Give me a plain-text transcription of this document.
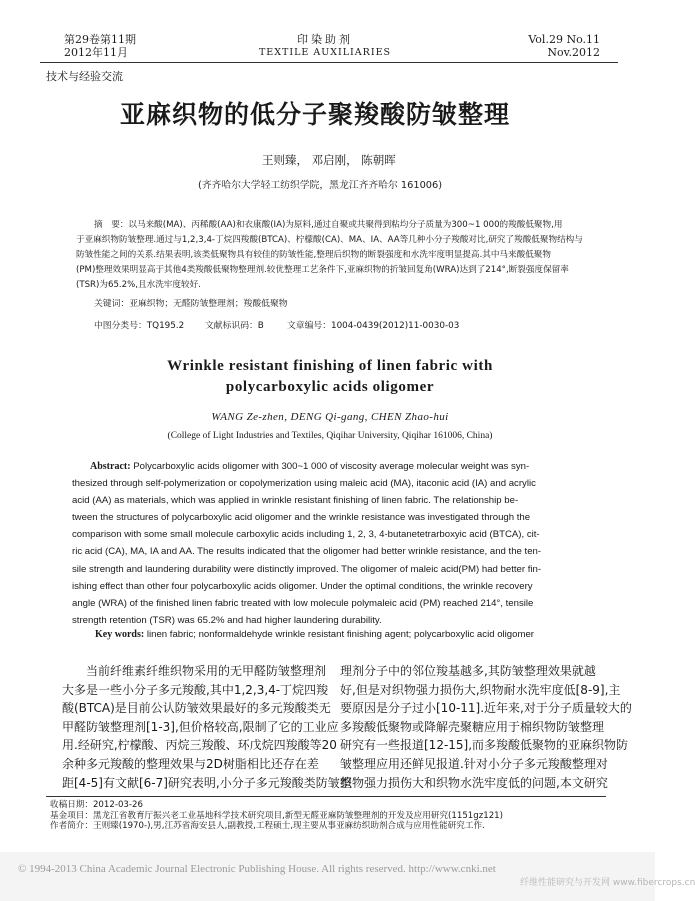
第29卷第11期
2012年11月
印染助剂
TEXTILE AUXILIARIES
Vol.29 No.11
Nov.2012
技术与经验交流
亚麻织物的低分子聚羧酸防皱整理
王则臻， 邓启刚， 陈朝晖
(齐齐哈尔大学轻工纺织学院，黑龙江齐齐哈尔 161006)
摘　要：以马来酸(MA)、丙稀酸(AA)和衣康酸(IA)为原料,通过自聚或共聚得到粘均分子质量为300~1 000的羧酸低聚物,用
于亚麻织物防皱整理.通过与1,2,3,4-丁烷四羧酸(BTCA)、柠檬酸(CA)、MA、IA、AA等几种小分子羧酸对比,研究了羧酸低聚物结构与
防皱性能之间的关系.结果表明,该类低聚物具有较佳的防皱性能,整理后织物的断裂强度和水洗牢度明显提高.其中马来酸低聚物
(PM)整理效果明显高于其他4类羧酸低聚物整理剂.较优整理工艺条件下,亚麻织物的折皱回复角(WRA)达到了214°,断裂强度保留率
(TSR)为65.2%,且水洗牢度较好.
关键词：亚麻织物；无醛防皱整理剂；羧酸低聚物
中图分类号：TQ195.2 文献标识码：B	文章编号：1004-0439(2012)11-0030-03
Wrinkle resistant finishing of linen fabric with
polycarboxylic acids oligomer
WANG Ze-zhen, DENG Qi-gang, CHEN Zhao-hui
(College of Light Industries and Textiles, Qiqihar University, Qiqihar 161006, China)
Abstract: Polycarboxylic acids oligomer with 300~1 000 of viscosity average molecular weight was syn-
thesized through self-polymerization or copolymerization using maleic acid (MA), itaconic acid (IA) and acrylic
acid (AA) as materials, which was applied in wrinkle resistant finishing of linen fabric. The relationship be-
tween the structures of polycarboxylic acid oligomer and the wrinkle resistance was investigated through the
comparison with some small molecule carboxylic acids including 1, 2, 3, 4-butanetetrarboxyic acid (BTCA), cit-
ric acid (CA), MA, IA and AA. The results indicated that the oligomer had better wrinkle resistance, and the ten-
sile strength and laundering durability were distinctly improved. The oligomer of maleic acid(PM) had better fin-
ishing effect than other four polycarboxylic acids oligomer. Under the optimal conditions, the wrinkle recovery
angle (WRA) of the finished linen fabric treated with low molecule polymaleic acid (PM) reached 214°, tensile
strength retention (TSR) was 65.2% and had higher laundering durability.
Key words: linen fabric; nonformaldehyde wrinkle resistant finishing agent; polycarboxylic acid oligomer
当前纤维素纤维织物采用的无甲醛防皱整理剂
大多是一些小分子多元羧酸,其中1,2,3,4-丁烷四羧
酸(BTCA)是目前公认防皱效果最好的多元羧酸类无
甲醛防皱整理剂[1-3],但价格较高,限制了它的工业应
用.经研究,柠檬酸、丙烷三羧酸、环戊烷四羧酸等20
余种多元羧酸的整理效果与2D树脂相比还存在差
距[4-5]有文献[6-7]研究表明,小分子多元羧酸类防皱整
理剂分子中的邻位羧基越多,其防皱整理效果就越
好,但是对织物强力损伤大,织物耐水洗牢度低[8-9],主
要原因是分子过小[10-11].近年来,对于分子质量较大的
多羧酸低聚物或降解壳聚糖应用于棉织物防皱整理
研究有一些报道[12-15],而多羧酸低聚物的亚麻织物防
皱整理应用还鲜见报道.针对小分子多元羧酸整理对
织物强力损伤大和织物水洗牢度低的问题,本文研究
收稿日期：2012-03-26
基金项目：黑龙江省教育厅振兴老工业基地科学技术研究项目,新型无醛亚麻防皱整理剂的开发及应用研究(1151gz121)
作者简介：王则臻(1970-),男,江苏省海安县人,副教授,工程硕士,现主要从事亚麻纺织助剂合成与应用性能研究工作.
© 1994-2013 China Academic Journal Electronic Publishing House. All rights reserved. http://www.cnki.net
纤维性能研究与开发网 www.fibercrops.cn
